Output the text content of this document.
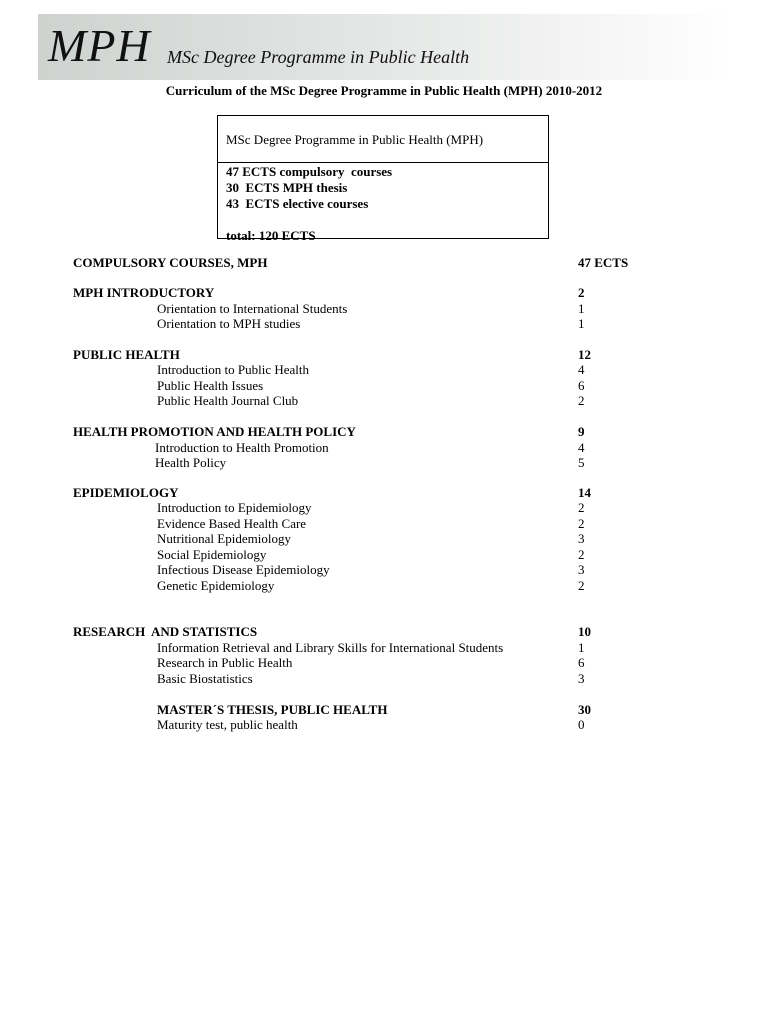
MPH MSc Degree Programme in Public Health
Curriculum of the MSc Degree Programme in Public Health (MPH) 2010-2012
MSc Degree Programme in Public Health (MPH)
47 ECTS compulsory  courses
30  ECTS MPH thesis
43  ECTS elective courses
total: 120 ECTS
COMPULSORY COURSES, MPH	47 ECTS
MPH INTRODUCTORY	2
Orientation to International Students	1
Orientation to MPH studies	1
PUBLIC HEALTH	12
Introduction to Public Health	4
Public Health Issues	6
Public Health Journal Club	2
HEALTH PROMOTION AND HEALTH POLICY	9
Introduction to Health Promotion	4
Health Policy	5
EPIDEMIOLOGY	14
Introduction to Epidemiology	2
Evidence Based Health Care	2
Nutritional Epidemiology	3
Social Epidemiology	2
Infectious Disease Epidemiology	3
Genetic Epidemiology	2
RESEARCH  AND STATISTICS	10
Information Retrieval and Library Skills for International Students	1
Research in Public Health	6
Basic Biostatistics	3
MASTER´S THESIS, PUBLIC HEALTH	30
Maturity test, public health	0
